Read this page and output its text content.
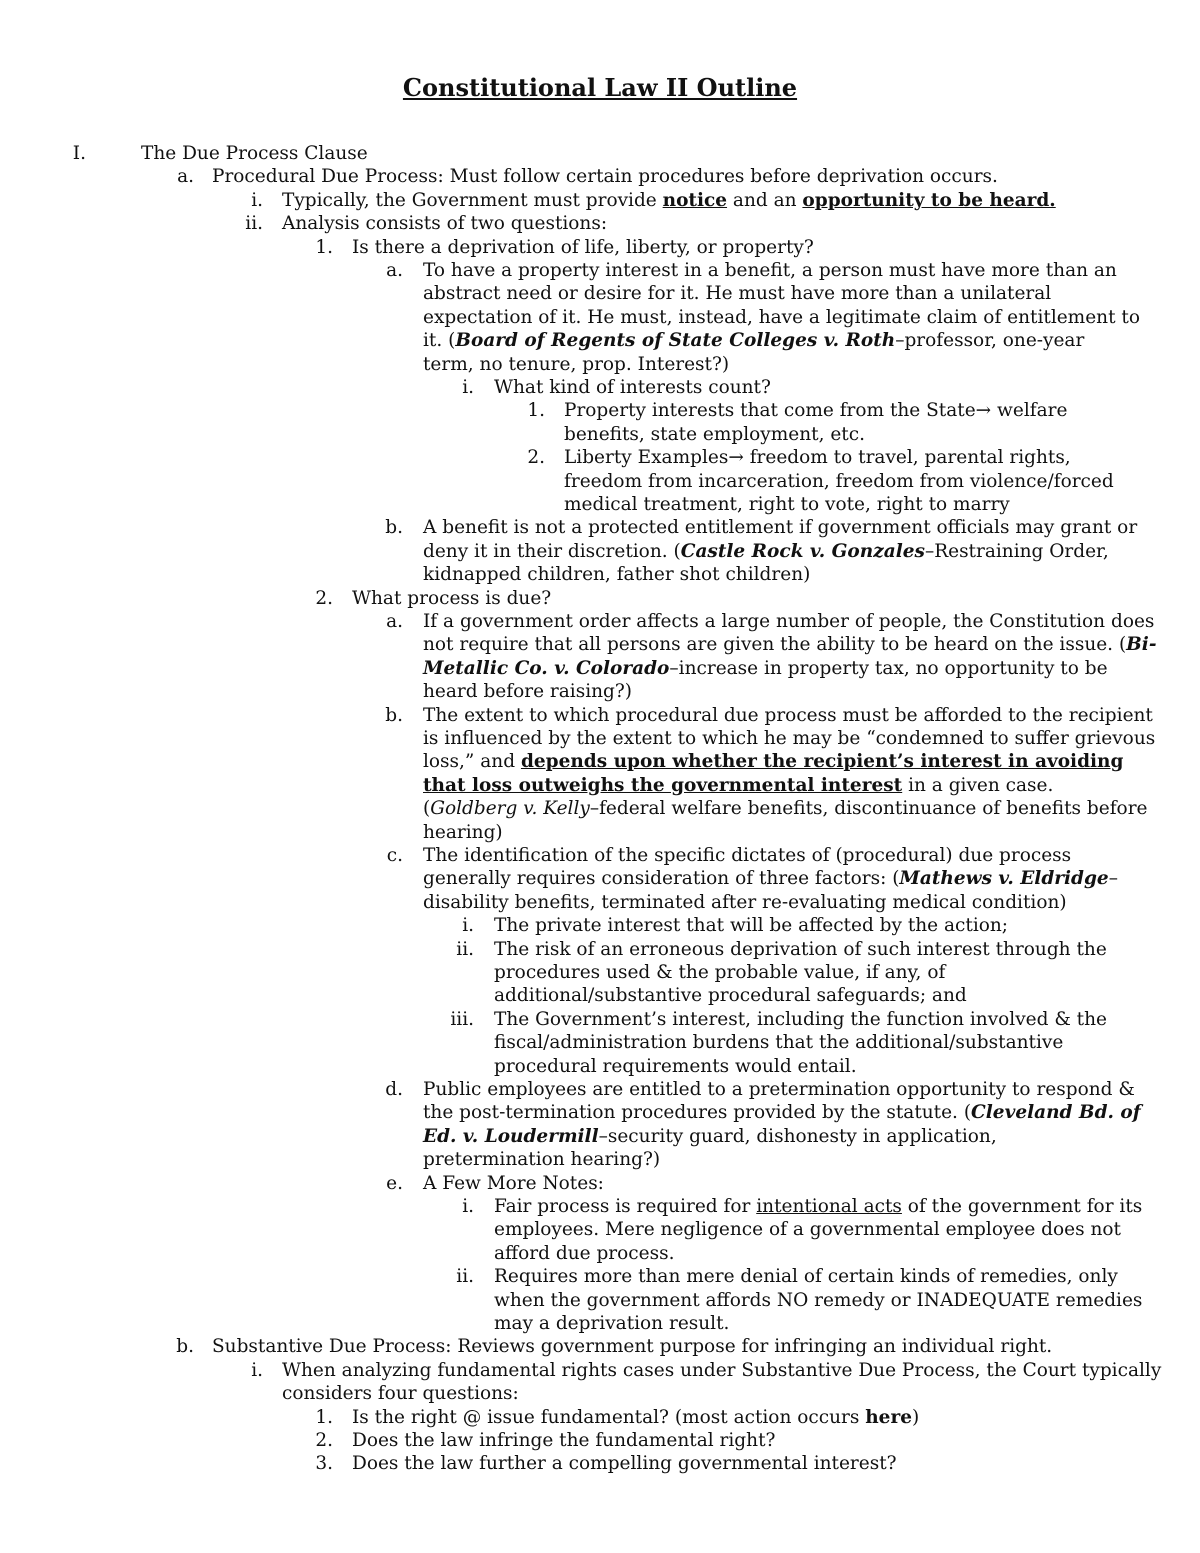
Constitutional Law II Outline
I.	The Due Process Clause
a. Procedural Due Process: Must follow certain procedures before deprivation occurs.
i. Typically, the Government must provide notice and an opportunity to be heard.
ii. Analysis consists of two questions:
1. Is there a deprivation of life, liberty, or property?
a. To have a property interest in a benefit, a person must have more than an
abstract need or desire for it. He must have more than a unilateral
expectation of it. He must, instead, have a legitimate claim of entitlement to
it. (Board of Regents of State Colleges v. Roth–professor, one-year
term, no tenure, prop. Interest?)
i. What kind of interests count?
1. Property interests that come from the State→ welfare
benefits, state employment, etc.
2. Liberty Examples→ freedom to travel, parental rights,
freedom from incarceration, freedom from violence/forced
medical treatment, right to vote, right to marry
b. A benefit is not a protected entitlement if government officials may grant or
deny it in their discretion. (Castle Rock v. Gonzales–Restraining Order,
kidnapped children, father shot children)
2. What process is due?
a. If a government order affects a large number of people, the Constitution does
not require that all persons are given the ability to be heard on the issue. (Bi-
Metallic Co. v. Colorado–increase in property tax, no opportunity to be
heard before raising?)
b. The extent to which procedural due process must be afforded to the recipient
is influenced by the extent to which he may be “condemned to suffer grievous
loss,” and depends upon whether the recipient’s interest in avoiding
that loss outweighs the governmental interest in a given case.
(Goldberg v. Kelly–federal welfare benefits, discontinuance of benefits before
hearing)
c. The identification of the specific dictates of (procedural) due process
generally requires consideration of three factors: (Mathews v. Eldridge–
disability benefits, terminated after re-evaluating medical condition)
i. The private interest that will be affected by the action;
ii. The risk of an erroneous deprivation of such interest through the
procedures used & the probable value, if any, of
additional/substantive procedural safeguards; and
iii. The Government’s interest, including the function involved & the
fiscal/administration burdens that the additional/substantive
procedural requirements would entail.
d. Public employees are entitled to a pretermination opportunity to respond &
the post-termination procedures provided by the statute. (Cleveland Bd. of
Ed. v. Loudermill–security guard, dishonesty in application,
pretermination hearing?)
e. A Few More Notes:
i. Fair process is required for intentional acts of the government for its
employees. Mere negligence of a governmental employee does not
afford due process.
ii. Requires more than mere denial of certain kinds of remedies, only
when the government affords NO remedy or INADEQUATE remedies
may a deprivation result.
b. Substantive Due Process: Reviews government purpose for infringing an individual right.
i. When analyzing fundamental rights cases under Substantive Due Process, the Court typically
considers four questions:
1. Is the right @ issue fundamental? (most action occurs here)
2. Does the law infringe the fundamental right?
3. Does the law further a compelling governmental interest?
